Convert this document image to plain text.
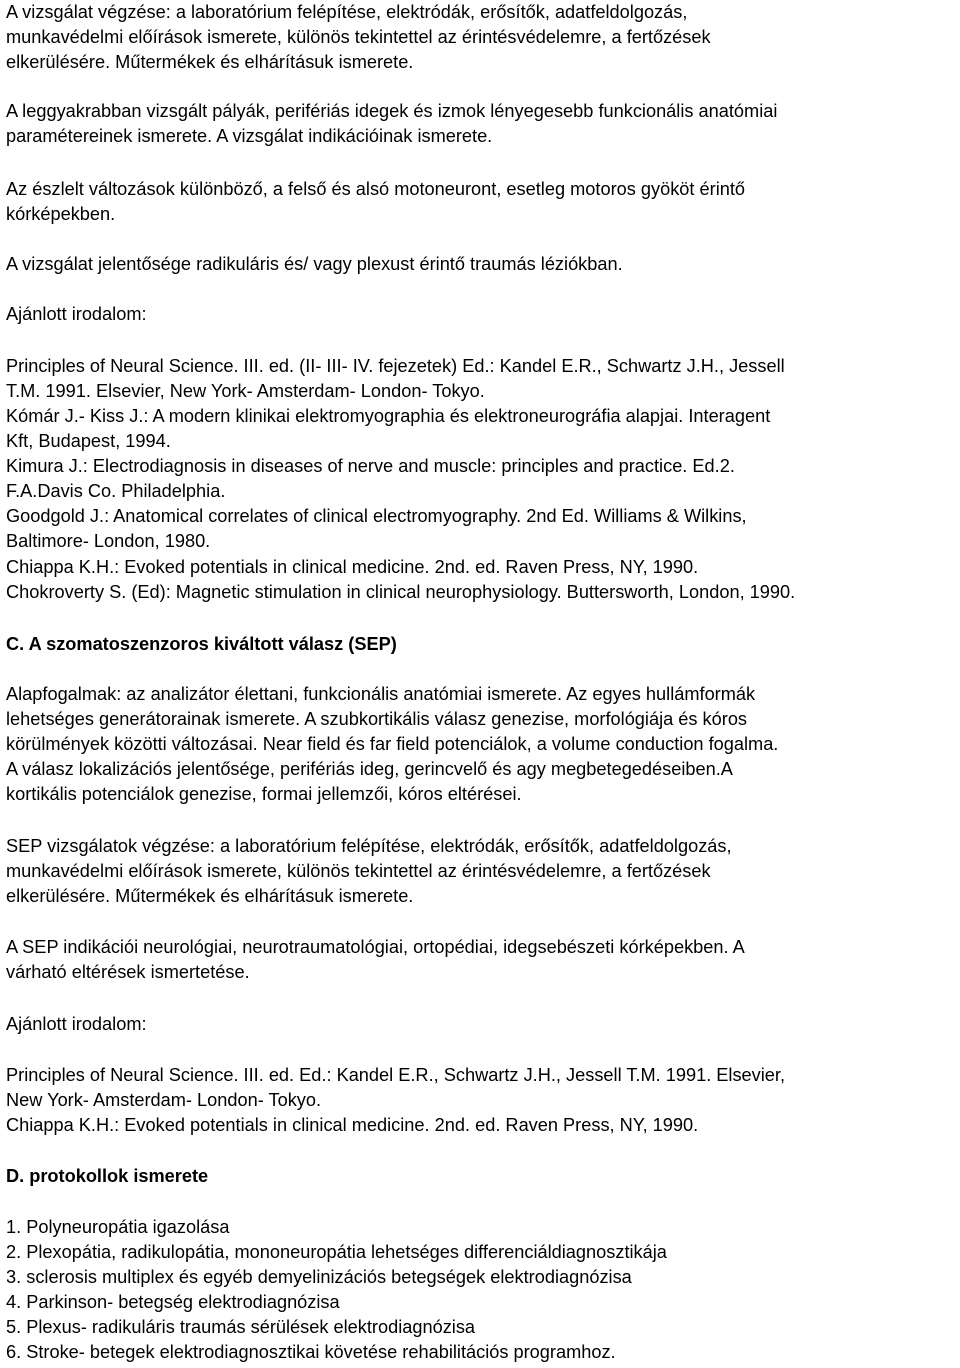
A vizsgálat végzése: a laboratórium felépítése, elektródák, erősítők, adatfeldolgozás,
munkavédelmi előírások ismerete, különös tekintettel az érintésvédelemre, a fertőzések
elkerülésére. Műtermékek és elhárításuk ismerete.
A leggyakrabban vizsgált pályák, perifériás idegek és izmok lényegesebb funkcionális anatómiai
paramétereinek ismerete. A vizsgálat indikációinak ismerete.
Az észlelt változások különböző, a felső és alsó motoneuront, esetleg motoros gyököt érintő
kórképekben.
A vizsgálat jelentősége radikuláris és/ vagy plexust érintő traumás léziókban.
Ajánlott irodalom:
Principles of Neural Science. III. ed. (II- III- IV. fejezetek) Ed.: Kandel E.R., Schwartz J.H., Jessell
T.M. 1991. Elsevier, New York- Amsterdam- London- Tokyo.
Kómár J.- Kiss J.: A modern klinikai elektromyographia és elektroneurográfia alapjai. Interagent
Kft, Budapest, 1994.
Kimura J.: Electrodiagnosis in diseases of nerve and muscle: principles and practice. Ed.2.
F.A.Davis Co. Philadelphia.
Goodgold J.: Anatomical correlates of clinical electromyography. 2nd Ed. Williams & Wilkins,
Baltimore- London, 1980.
Chiappa K.H.: Evoked potentials in clinical medicine. 2nd. ed. Raven Press, NY, 1990.
Chokroverty S. (Ed): Magnetic stimulation in clinical neurophysiology. Buttersworth, London, 1990.
C. A szomatoszenzoros kiváltott válasz (SEP)
Alapfogalmak: az analizátor élettani, funkcionális anatómiai ismerete. Az egyes hullámformák
lehetséges generátorainak ismerete. A szubkortikális válasz genezise, morfológiája és kóros
körülmények közötti változásai. Near field és far field potenciálok, a volume conduction fogalma.
A válasz lokalizációs jelentősége, perifériás ideg, gerincvelő és agy megbetegedéseiben.A
kortikális potenciálok genezise, formai jellemzői, kóros eltérései.
SEP vizsgálatok végzése: a laboratórium felépítése, elektródák, erősítők, adatfeldolgozás,
munkavédelmi előírások ismerete, különös tekintettel az érintésvédelemre, a fertőzések
elkerülésére. Műtermékek és elhárításuk ismerete.
A SEP indikációi neurológiai, neurotraumatológiai, ortopédiai, idegsebészeti kórképekben. A
várható eltérések ismertetése.
Ajánlott irodalom:
Principles of Neural Science. III. ed. Ed.: Kandel E.R., Schwartz J.H., Jessell T.M. 1991. Elsevier,
New York- Amsterdam- London- Tokyo.
Chiappa K.H.: Evoked potentials in clinical medicine. 2nd. ed. Raven Press, NY, 1990.
D. protokollok ismerete
1. Polyneuropátia igazolása
2. Plexopátia, radikulopátia, mononeuropátia lehetséges differenciáldiagnosztikája
3. sclerosis multiplex és egyéb demyelinizációs betegségek elektrodiagnózisa
4. Parkinson- betegség elektrodiagnózisa
5. Plexus- radikuláris traumás sérülések elektrodiagnózisa
6. Stroke- betegek elektrodiagnosztikai követése rehabilitációs programhoz.
